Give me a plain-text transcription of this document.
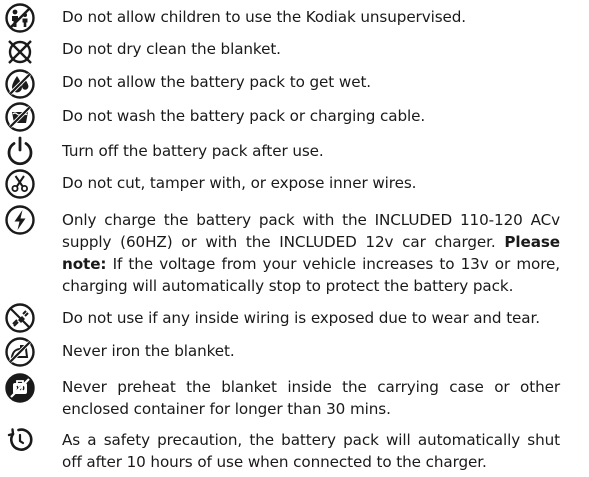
Do not allow children to use the Kodiak unsupervised.
Do not dry clean the blanket.
Do not allow the battery pack to get wet.
Do not wash the battery pack or charging cable.
Turn off the battery pack after use.
Do not cut, tamper with, or expose inner wires.
Only charge the battery pack with the INCLUDED 110-120 ACv supply (60HZ) or with the INCLUDED 12v car charger. Please note: If the voltage from your vehicle increases to 13v or more, charging will automatically stop to protect the battery pack.
Do not use if any inside wiring is exposed due to wear and tear.
Never iron the blanket.
Never preheat the blanket inside the carrying case or other enclosed container for longer than 30 mins.
As a safety precaution, the battery pack will automatically shut off after 10 hours of use when connected to the charger.
